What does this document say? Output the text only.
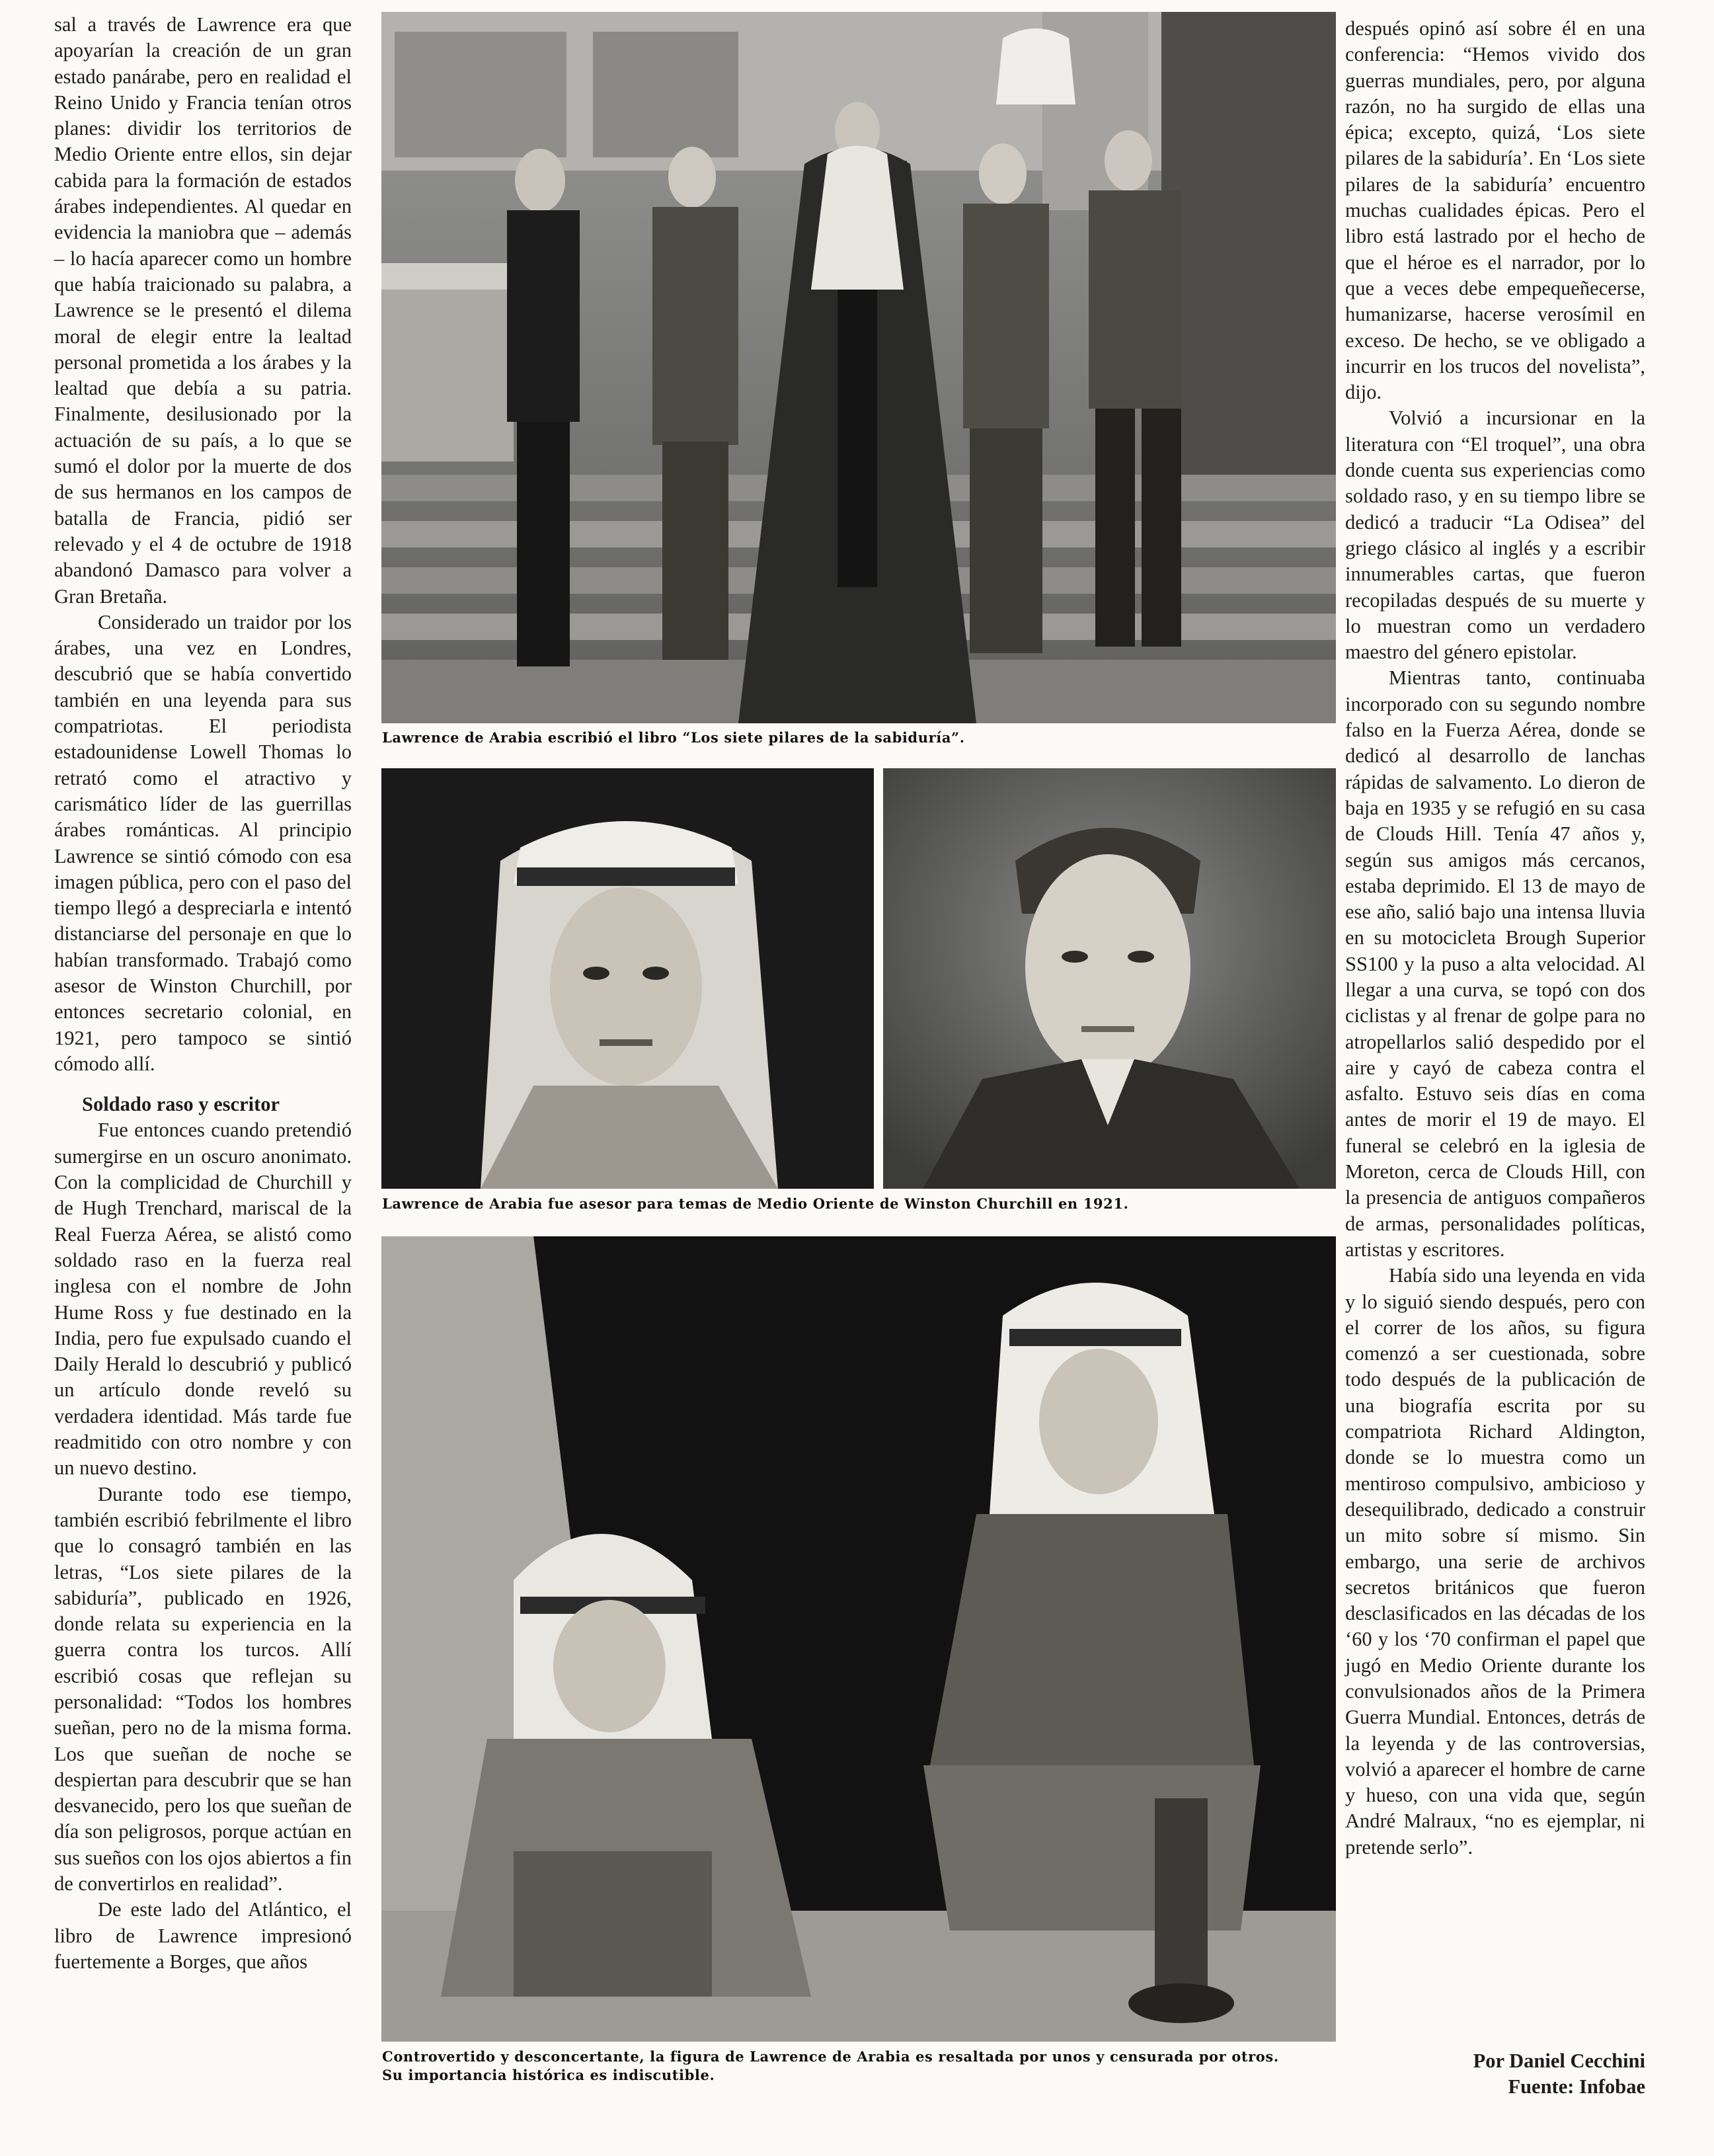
sal a través de Lawrence era que apoyarían la creación de un gran estado panárabe, pero en realidad el Reino Unido y Francia tenían otros planes: dividir los territorios de Medio Oriente entre ellos, sin dejar cabida para la formación de estados árabes independientes. Al quedar en evidencia la maniobra que – además – lo hacía aparecer como un hombre que había traicionado su palabra, a Lawrence se le presentó el dilema moral de elegir entre la lealtad personal prometida a los árabes y la lealtad que debía a su patria. Finalmente, desilusionado por la actuación de su país, a lo que se sumó el dolor por la muerte de dos de sus hermanos en los campos de batalla de Francia, pidió ser relevado y el 4 de octubre de 1918 abandonó Damasco para volver a Gran Bretaña.

Considerado un traidor por los árabes, una vez en Londres, descubrió que se había convertido también en una leyenda para sus compatriotas. El periodista estadounidense Lowell Thomas lo retrató como el atractivo y carismático líder de las guerrillas árabes románticas. Al principio Lawrence se sintió cómodo con esa imagen pública, pero con el paso del tiempo llegó a despreciarla e intentó distanciarse del personaje en que lo habían transformado. Trabajó como asesor de Winston Churchill, por entonces secretario colonial, en 1921, pero tampoco se sintió cómodo allí.

Soldado raso y escritor

Fue entonces cuando pretendió sumergirse en un oscuro anonimato. Con la complicidad de Churchill y de Hugh Trenchard, mariscal de la Real Fuerza Aérea, se alistó como soldado raso en la fuerza real inglesa con el nombre de John Hume Ross y fue destinado en la India, pero fue expulsado cuando el Daily Herald lo descubrió y publicó un artículo donde reveló su verdadera identidad. Más tarde fue readmitido con otro nombre y con un nuevo destino.

Durante todo ese tiempo, también escribió febrilmente el libro que lo consagró también en las letras, “Los siete pilares de la sabiduría”, publicado en 1926, donde relata su experiencia en la guerra contra los turcos. Allí escribió cosas que reflejan su personalidad: “Todos los hombres sueñan, pero no de la misma forma. Los que sueñan de noche se despiertan para descubrir que se han desvanecido, pero los que sueñan de día son peligrosos, porque actúan en sus sueños con los ojos abiertos a fin de convertirlos en realidad”.

De este lado del Atlántico, el libro de Lawrence impresionó fuertemente a Borges, que años

Lawrence de Arabia escribió el libro “Los siete pilares de la sabiduría”.
Lawrence de Arabia fue asesor para temas de Medio Oriente de Winston Churchill en 1921.
Controvertido y desconcertante, la figura de Lawrence de Arabia es resaltada por unos y censurada por otros.
Su importancia histórica es indiscutible.

después opinó así sobre él en una conferencia: “Hemos vivido dos guerras mundiales, pero, por alguna razón, no ha surgido de ellas una épica; excepto, quizá, ‘Los siete pilares de la sabiduría’. En ‘Los siete pilares de la sabiduría’ encuentro muchas cualidades épicas. Pero el libro está lastrado por el hecho de que el héroe es el narrador, por lo que a veces debe empequeñecerse, humanizarse, hacerse verosímil en exceso. De hecho, se ve obligado a incurrir en los trucos del novelista”, dijo.

Volvió a incursionar en la literatura con “El troquel”, una obra donde cuenta sus experiencias como soldado raso, y en su tiempo libre se dedicó a traducir “La Odisea” del griego clásico al inglés y a escribir innumerables cartas, que fueron recopiladas después de su muerte y lo muestran como un verdadero maestro del género epistolar.

Mientras tanto, continuaba incorporado con su segundo nombre falso en la Fuerza Aérea, donde se dedicó al desarrollo de lanchas rápidas de salvamento. Lo dieron de baja en 1935 y se refugió en su casa de Clouds Hill. Tenía 47 años y, según sus amigos más cercanos, estaba deprimido. El 13 de mayo de ese año, salió bajo una intensa lluvia en su motocicleta Brough Superior SS100 y la puso a alta velocidad. Al llegar a una curva, se topó con dos ciclistas y al frenar de golpe para no atropellarlos salió despedido por el aire y cayó de cabeza contra el asfalto. Estuvo seis días en coma antes de morir el 19 de mayo. El funeral se celebró en la iglesia de Moreton, cerca de Clouds Hill, con la presencia de antiguos compañeros de armas, personalidades políticas, artistas y escritores.

Había sido una leyenda en vida y lo siguió siendo después, pero con el correr de los años, su figura comenzó a ser cuestionada, sobre todo después de la publicación de una biografía escrita por su compatriota Richard Aldington, donde se lo muestra como un mentiroso compulsivo, ambicioso y desequilibrado, dedicado a construir un mito sobre sí mismo. Sin embargo, una serie de archivos secretos británicos que fueron desclasificados en las décadas de los ‘60 y los ‘70 confirman el papel que jugó en Medio Oriente durante los convulsionados años de la Primera Guerra Mundial. Entonces, detrás de la leyenda y de las controversias, volvió a aparecer el hombre de carne y hueso, con una vida que, según André Malraux, “no es ejemplar, ni pretende serlo”.

Por Daniel Cecchini
Fuente: Infobae
